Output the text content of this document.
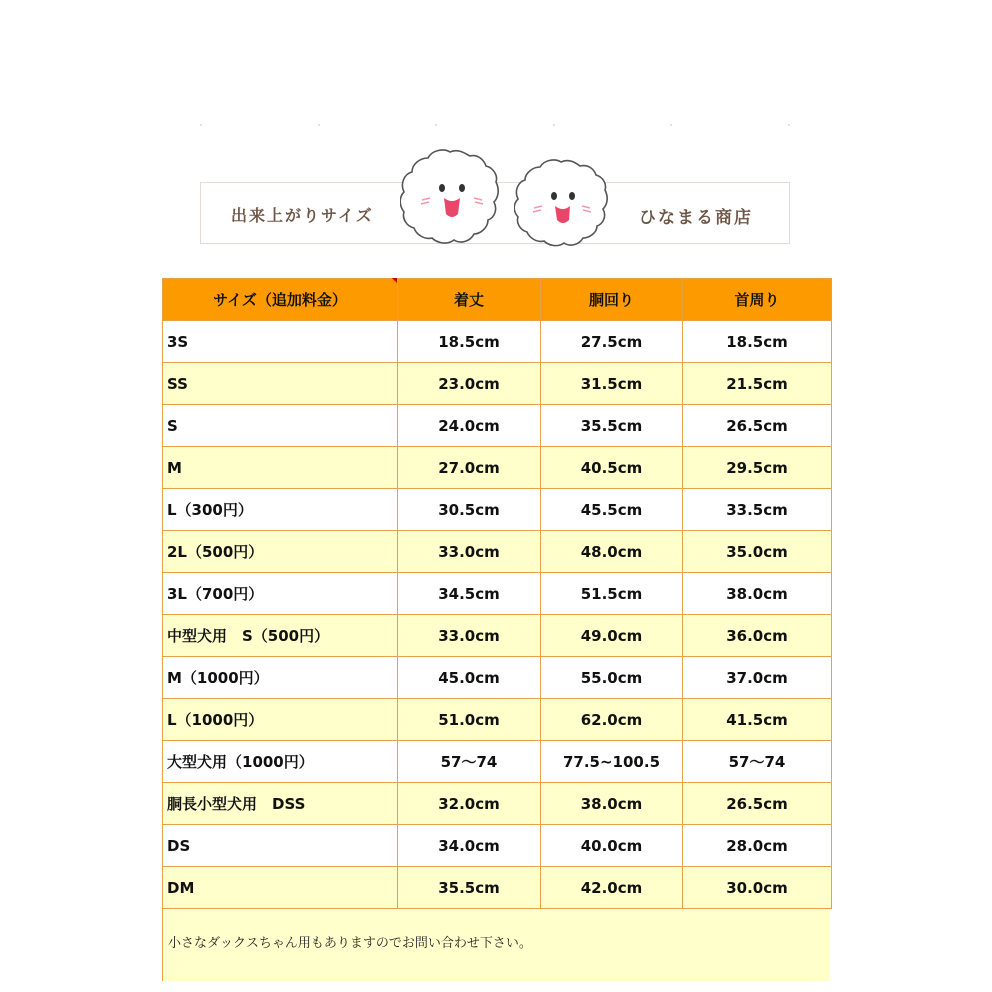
出来上がりサイズ	ひなまる商店
サイズ（追加料金）	着丈	胴回り	首周り
3S	18.5cm	27.5cm	18.5cm
SS	23.0cm	31.5cm	21.5cm
S	24.0cm	35.5cm	26.5cm
M	27.0cm	40.5cm	29.5cm
L（300円）	30.5cm	45.5cm	33.5cm
2L（500円）	33.0cm	48.0cm	35.0cm
3L（700円）	34.5cm	51.5cm	38.0cm
中型犬用　S（500円）	33.0cm	49.0cm	36.0cm
M（1000円）	45.0cm	55.0cm	37.0cm
L（1000円）	51.0cm	62.0cm	41.5cm
大型犬用（1000円）	57～74	77.5~100.5	57～74
胴長小型犬用　DSS	32.0cm	38.0cm	26.5cm
DS	34.0cm	40.0cm	28.0cm
DM	35.5cm	42.0cm	30.0cm
小さなダックスちゃん用もありますのでお問い合わせ下さい。
